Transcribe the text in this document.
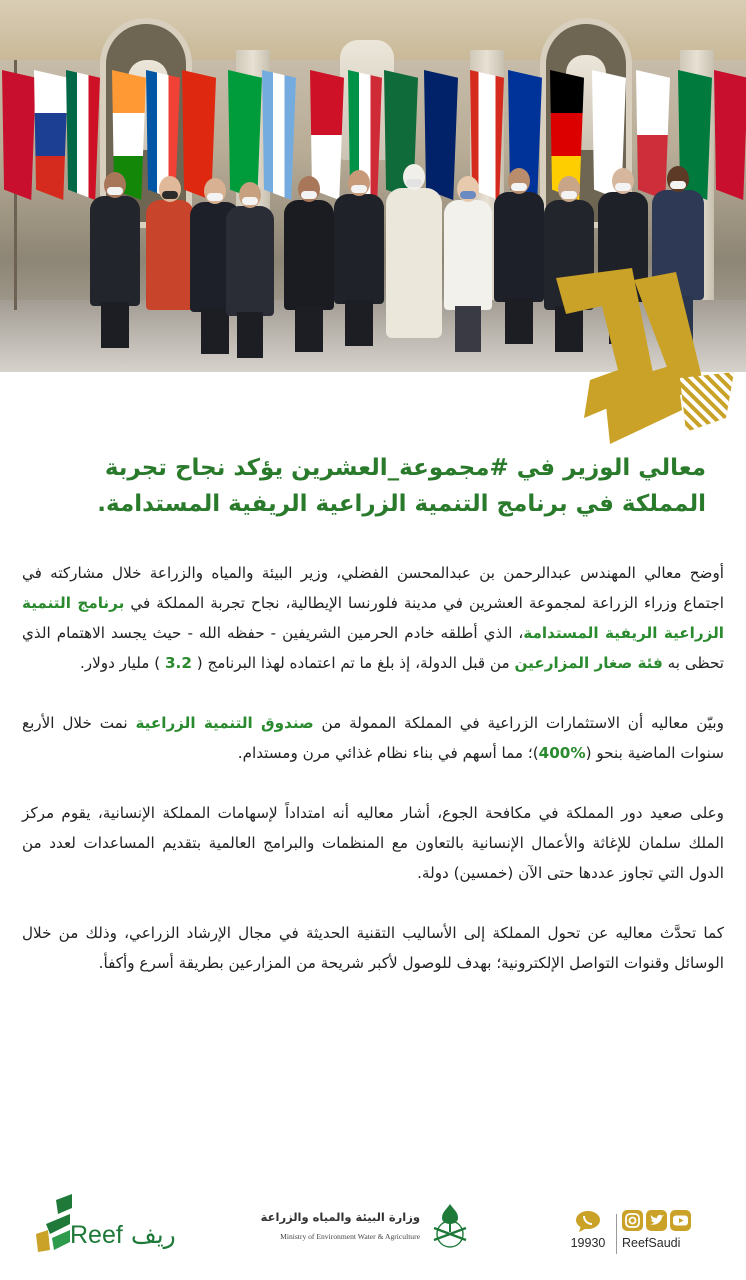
معالي الوزير في #مجموعة_العشرين يؤكد نجاح تجربة
المملكة في برنامج التنمية الزراعية الريفية المستدامة.

أوضح معالي المهندس عبدالرحمن بن عبدالمحسن الفضلي، وزير البيئة والمياه والزراعة خلال مشاركته في اجتماع وزراء الزراعة لمجموعة العشرين في مدينة فلورنسا الإيطالية، نجاح تجربة المملكة في برنامج التنمية الزراعية الريفية المستدامة، الذي أطلقه خادم الحرمين الشريفين - حفظه الله - حيث يجسد الاهتمام الذي تحظى به فئة صغار المزارعين من قبل الدولة، إذ بلغ ما تم اعتماده لهذا البرنامج ( 3.2 ) مليار دولار.

وبيّن معاليه أن الاستثمارات الزراعية في المملكة الممولة من صندوق التنمية الزراعية نمت خلال الأربع سنوات الماضية بنحو (400%)؛ مما أسهم في بناء نظام غذائي مرن ومستدام.

وعلى صعيد دور المملكة في مكافحة الجوع، أشار معاليه أنه امتداداً لإسهامات المملكة الإنسانية، يقوم مركز الملك سلمان للإغاثة والأعمال الإنسانية بالتعاون مع المنظمات والبرامج العالمية بتقديم المساعدات لعدد من الدول التي تجاوز عددها حتى الآن (خمسين) دولة.

كما تحدَّث معاليه عن تحول المملكة إلى الأساليب التقنية الحديثة في مجال الإرشاد الزراعي، وذلك من خلال الوسائل وقنوات التواصل الإلكترونية؛ بهدف للوصول لأكبر شريحة من المزارعين بطريقة أسرع وأكفأ.

Reef ريف
وزارة البيئة والمياه والزراعة
Ministry of Environment Water & Agriculture	19930	ReefSaudi
